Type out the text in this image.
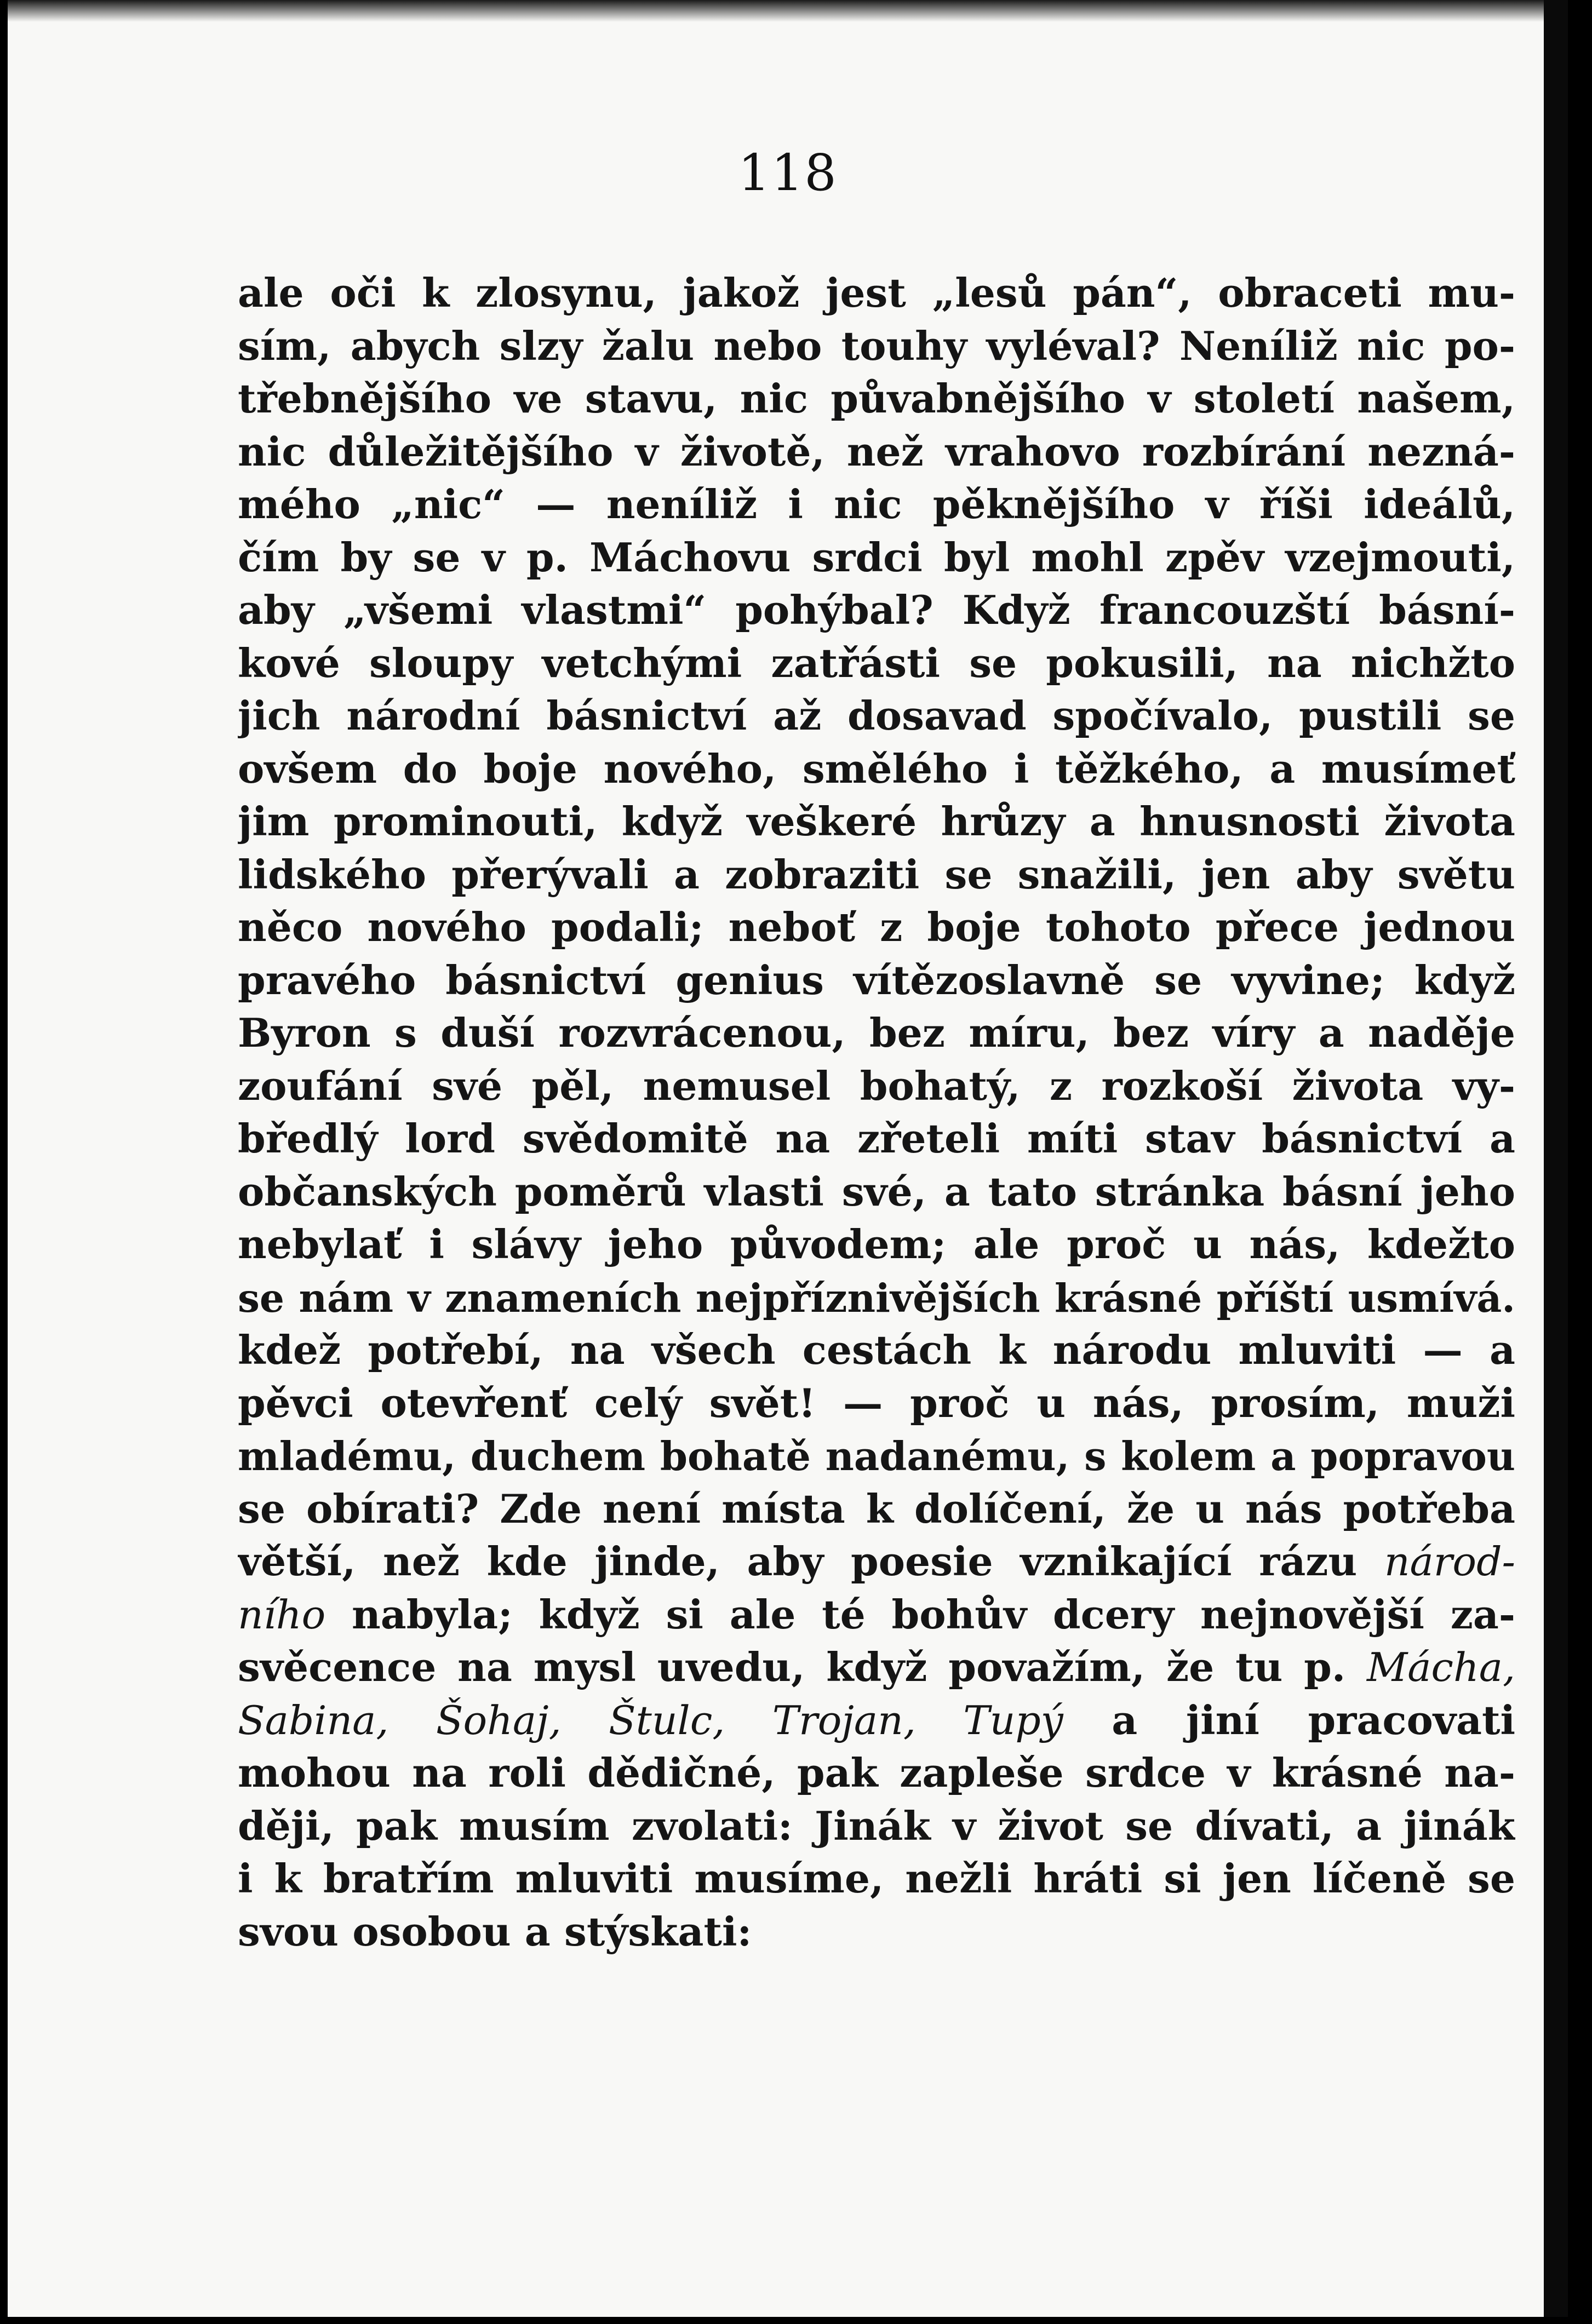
118
ale oči k zlosynu, jakož jest „lesů pán“, obraceti mu-
sím, abych slzy žalu nebo touhy vyléval? Neníliž nic po-
třebnějšího ve stavu, nic půvabnějšího v století našem,
nic důležitějšího v životě, než vrahovo rozbírání nezná-
mého „nic“ — neníliž i nic pěknějšího v říši ideálů,
čím by se v p. Máchovu srdci byl mohl zpěv vzejmouti,
aby „všemi vlastmi“ pohýbal? Když francouzští básní-
kové sloupy vetchými zatřásti se pokusili, na nichžto
jich národní básnictví až dosavad spočívalo, pustili se
ovšem do boje nového, smělého i těžkého, a musímeť
jim prominouti, když veškeré hrůzy a hnusnosti života
lidského přerývali a zobraziti se snažili, jen aby světu
něco nového podali; neboť z boje tohoto přece jednou
pravého básnictví genius vítězoslavně se vyvine; když
Byron s duší rozvrácenou, bez míru, bez víry a naděje
zoufání své pěl, nemusel bohatý, z rozkoší života vy-
bředlý lord svědomitě na zřeteli míti stav básnictví a
občanských poměrů vlasti své, a tato stránka básní jeho
nebylať i slávy jeho původem; ale proč u nás, kdežto
se nám v znameních nejpříznivějších krásné příští usmívá.
kdež potřebí, na všech cestách k národu mluviti — a
pěvci otevřenť celý svět! — proč u nás, prosím, muži
mladému, duchem bohatě nadanému, s kolem a popravou
se obírati? Zde není místa k dolíčení, že u nás potřeba
větší, než kde jinde, aby poesie vznikající rázu národ-
ního nabyla; když si ale té bohův dcery nejnovější za-
svěcence na mysl uvedu, když považím, že tu p. Mácha,
Sabina, Šohaj, Štulc, Trojan, Tupý a jiní pracovati
mohou na roli dědičné, pak zapleše srdce v krásné na-
ději, pak musím zvolati: Jinák v život se dívati, a jinák
i k bratřím mluviti musíme, nežli hráti si jen líčeně se
svou osobou a stýskati:
